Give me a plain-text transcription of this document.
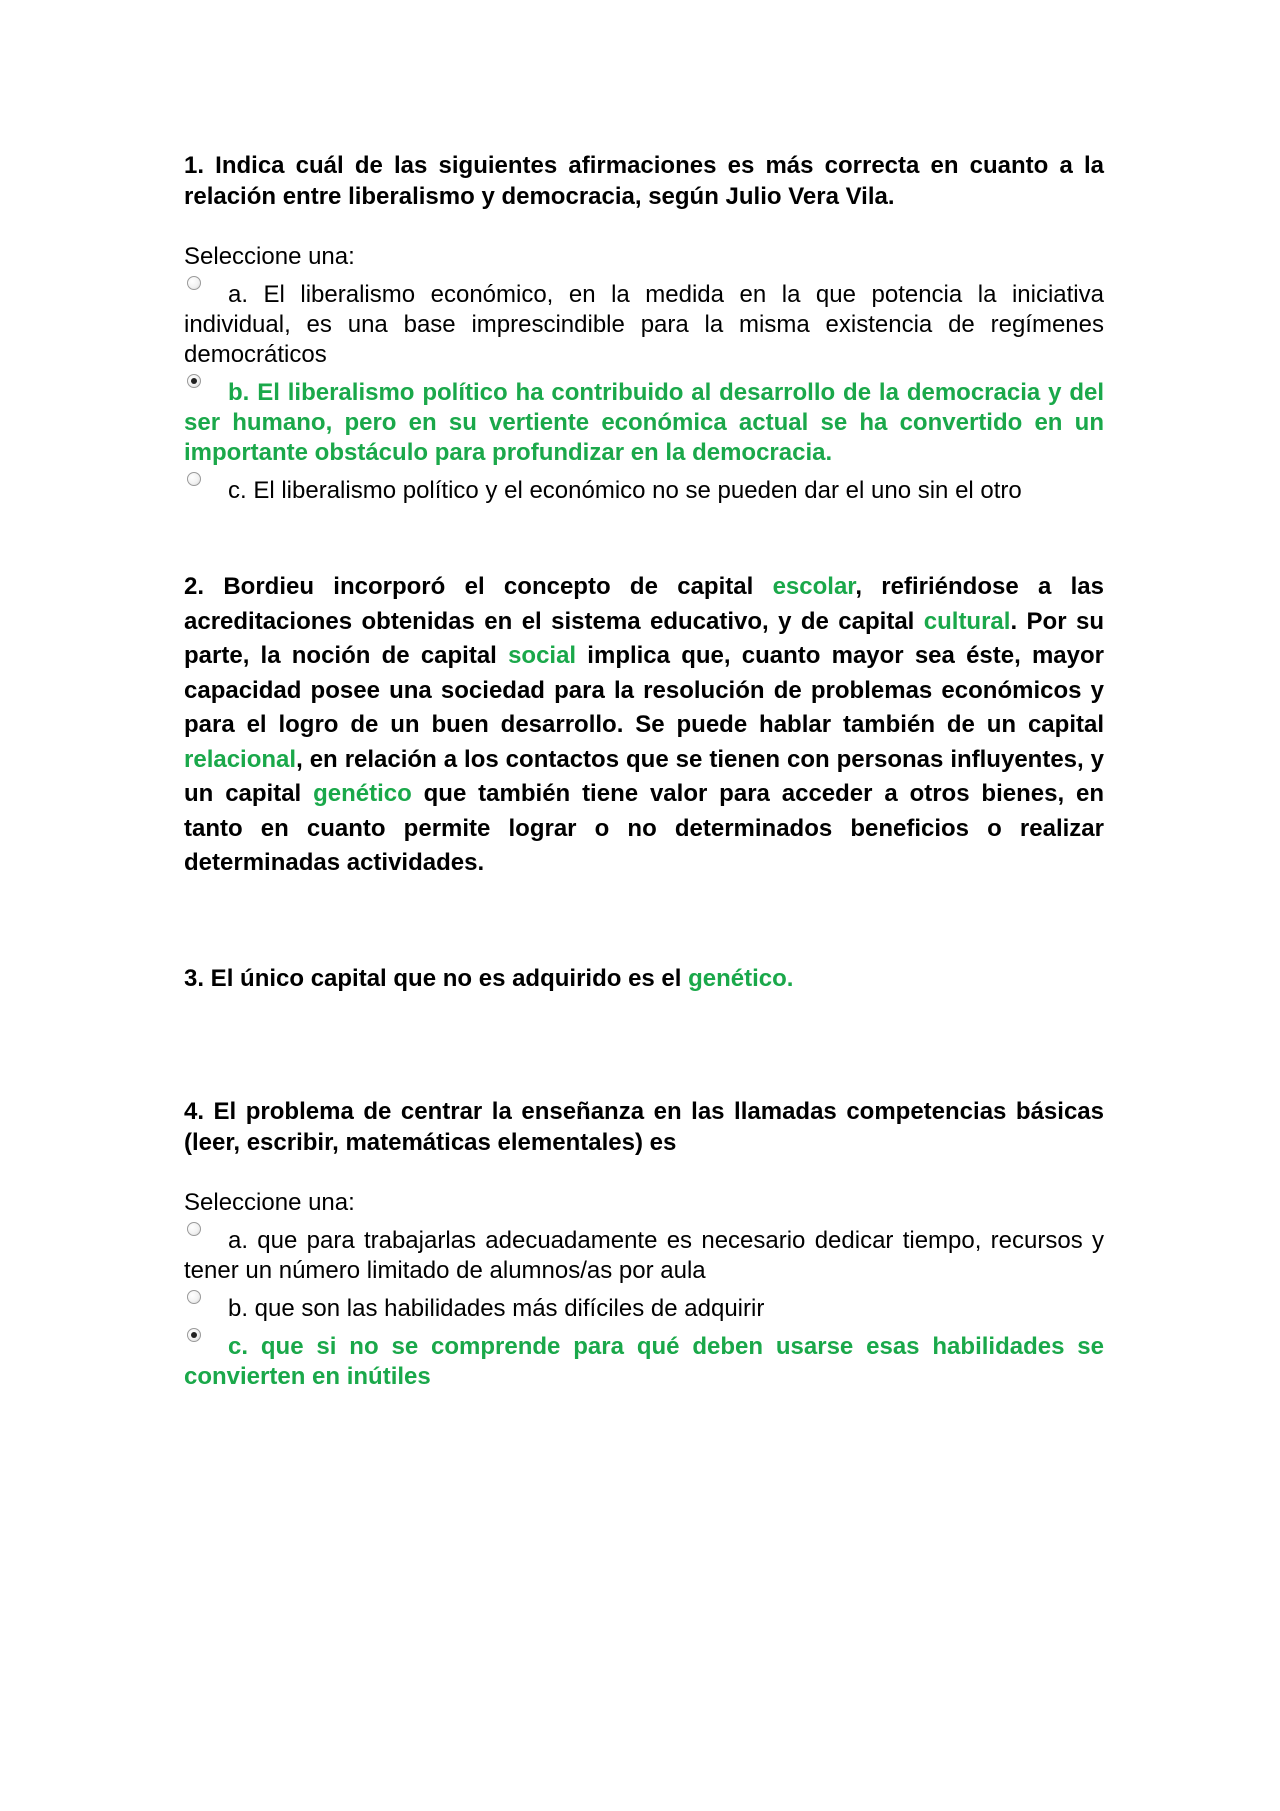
1. Indica cuál de las siguientes afirmaciones es más correcta en cuanto a la relación entre liberalismo y democracia, según Julio Vera Vila.

Seleccione una:
a. El liberalismo económico, en la medida en la que potencia la iniciativa individual, es una base imprescindible para la misma existencia de regímenes democráticos
b. El liberalismo político ha contribuido al desarrollo de la democracia y del ser humano, pero en su vertiente económica actual se ha convertido en un importante obstáculo para profundizar en la democracia.
c. El liberalismo político y el económico no se pueden dar el uno sin el otro

2. Bordieu incorporó el concepto de capital escolar, refiriéndose a las acreditaciones obtenidas en el sistema educativo, y de capital cultural. Por su parte, la noción de capital social implica que, cuanto mayor sea éste, mayor capacidad posee una sociedad para la resolución de problemas económicos y para el logro de un buen desarrollo. Se puede hablar también de un capital relacional, en relación a los contactos que se tienen con personas influyentes, y un capital genético que también tiene valor para acceder a otros bienes, en tanto en cuanto permite lograr o no determinados beneficios o realizar determinadas actividades.

3. El único capital que no es adquirido es el genético.

4. El problema de centrar la enseñanza en las llamadas competencias básicas (leer, escribir, matemáticas elementales) es

Seleccione una:
a. que para trabajarlas adecuadamente es necesario dedicar tiempo, recursos y tener un número limitado de alumnos/as por aula
b. que son las habilidades más difíciles de adquirir
c. que si no se comprende para qué deben usarse esas habilidades se convierten en inútiles
